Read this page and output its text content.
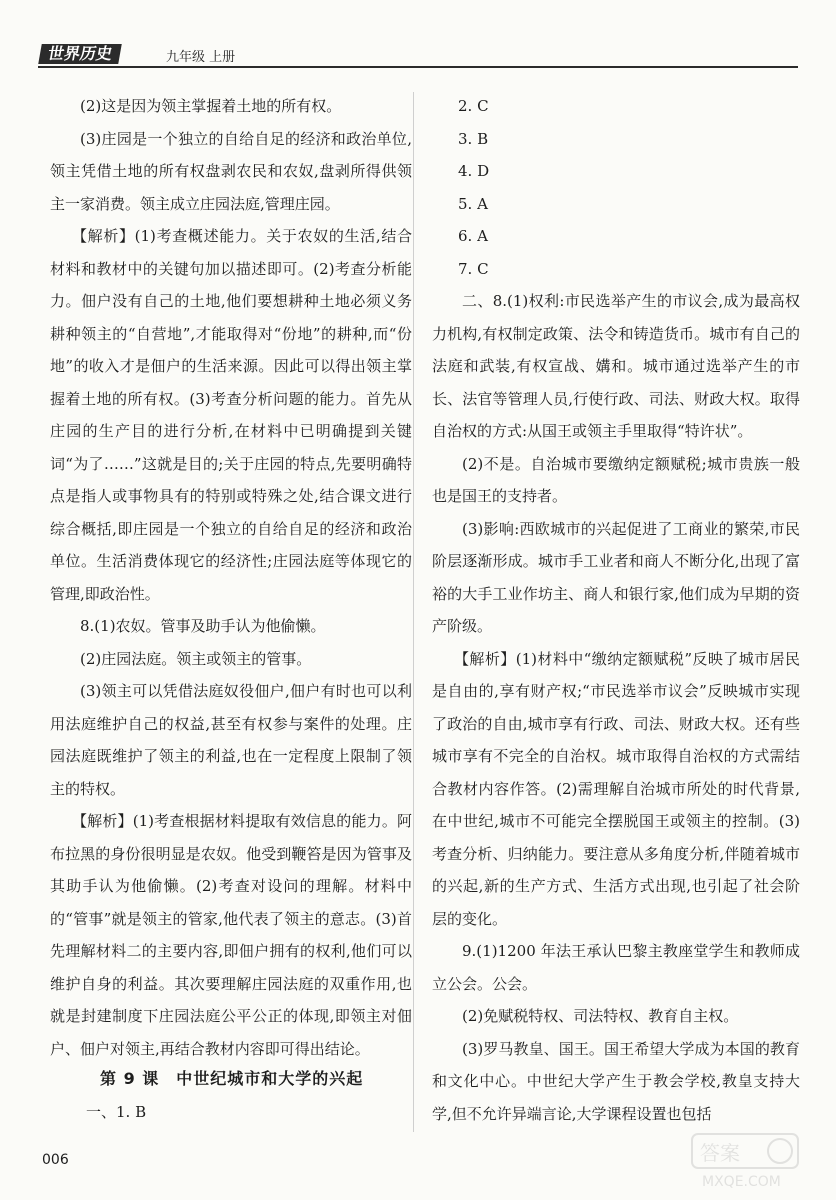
世界历史	九年级 上册

(2)这是因为领主掌握着土地的所有权。

(3)庄园是一个独立的自给自足的经济和政治单位,领主凭借土地的所有权盘剥农民和农奴,盘剥所得供领主一家消费。领主成立庄园法庭,管理庄园。

【解析】(1)考查概述能力。关于农奴的生活,结合材料和教材中的关键句加以描述即可。(2)考查分析能力。佃户没有自己的土地,他们要想耕种土地必须义务耕种领主的“自营地”,才能取得对“份地”的耕种,而“份地”的收入才是佃户的生活来源。因此可以得出领主掌握着土地的所有权。(3)考查分析问题的能力。首先从庄园的生产目的进行分析,在材料中已明确提到关键词“为了……”这就是目的;关于庄园的特点,先要明确特点是指人或事物具有的特别或特殊之处,结合课文进行综合概括,即庄园是一个独立的自给自足的经济和政治单位。生活消费体现它的经济性;庄园法庭等体现它的管理,即政治性。

8.(1)农奴。管事及助手认为他偷懒。

(2)庄园法庭。领主或领主的管事。

(3)领主可以凭借法庭奴役佃户,佃户有时也可以利用法庭维护自己的权益,甚至有权参与案件的处理。庄园法庭既维护了领主的利益,也在一定程度上限制了领主的特权。

【解析】(1)考查根据材料提取有效信息的能力。阿布拉黑的身份很明显是农奴。他受到鞭笞是因为管事及其助手认为他偷懒。(2)考查对设问的理解。材料中的“管事”就是领主的管家,他代表了领主的意志。(3)首先理解材料二的主要内容,即佃户拥有的权利,他们可以维护自身的利益。其次要理解庄园法庭的双重作用,也就是封建制度下庄园法庭公平公正的体现,即领主对佃户、佃户对领主,再结合教材内容即可得出结论。

第 9 课　中世纪城市和大学的兴起
一、1. B

2. C

3. B

4. D

5. A

6. A

7. C

二、8.(1)权利:市民选举产生的市议会,成为最高权力机构,有权制定政策、法令和铸造货币。城市有自己的法庭和武装,有权宣战、媾和。城市通过选举产生的市长、法官等管理人员,行使行政、司法、财政大权。取得自治权的方式:从国王或领主手里取得“特许状”。

(2)不是。自治城市要缴纳定额赋税;城市贵族一般也是国王的支持者。

(3)影响:西欧城市的兴起促进了工商业的繁荣,市民阶层逐渐形成。城市手工业者和商人不断分化,出现了富裕的大手工业作坊主、商人和银行家,他们成为早期的资产阶级。

【解析】(1)材料中“缴纳定额赋税”反映了城市居民是自由的,享有财产权;“市民选举市议会”反映城市实现了政治的自由,城市享有行政、司法、财政大权。还有些城市享有不完全的自治权。城市取得自治权的方式需结合教材内容作答。(2)需理解自治城市所处的时代背景,在中世纪,城市不可能完全摆脱国王或领主的控制。(3)考查分析、归纳能力。要注意从多角度分析,伴随着城市的兴起,新的生产方式、生活方式出现,也引起了社会阶层的变化。

9.(1)1200 年法王承认巴黎主教座堂学生和教师成立公会。公会。

(2)免赋税特权、司法特权、教育自主权。

(3)罗马教皇、国王。国王希望大学成为本国的教育和文化中心。中世纪大学产生于教会学校,教皇支持大学,但不允许异端言论,大学课程设置也包括

006	答案
MXQE.COM
